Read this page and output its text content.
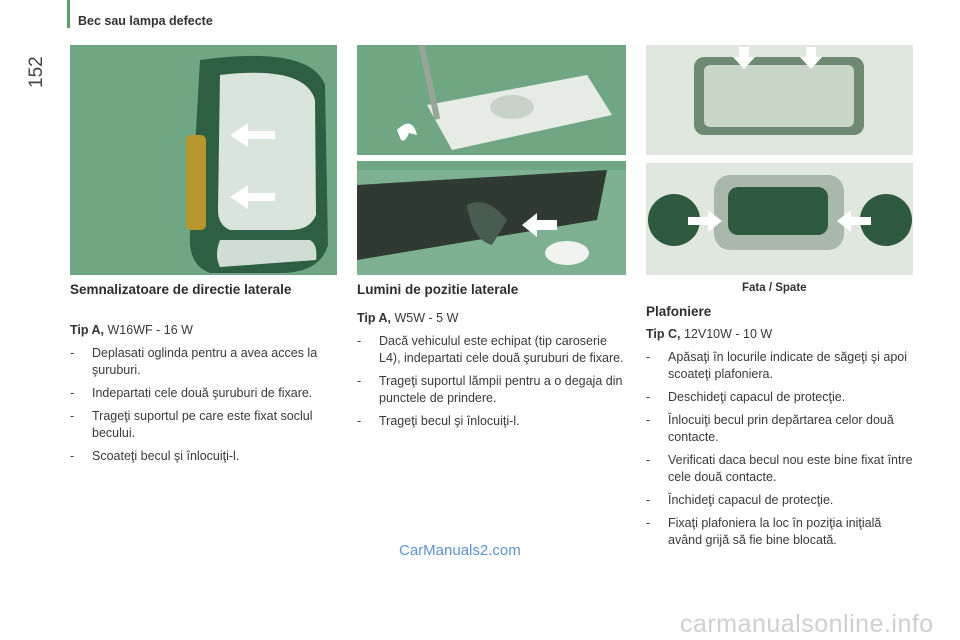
Bec sau lampa defecte
152
Fata / Spate
Semnalizatoare de directie laterale

Tip A, W16WF - 16 W

- Deplasati oglinda pentru a avea acces la şuruburi.
- Indepartati cele două şuruburi de fixare.
- Trageţi suportul pe care este fixat soclul becului.
- Scoateţi becul şi înlocuiţi-l.
Lumini de pozitie laterale

Tip A, W5W - 5 W

- Dacă vehiculul este echipat (tip caroserie L4), indepartati cele două şuruburi de fixare.
- Trageţi suportul lămpii pentru a o degaja din punctele de prindere.
- Trageţi becul şi înlocuiţi-l.
Plafoniere

Tip C, 12V10W - 10 W

- Apăsaţi în locurile indicate de săgeţi şi apoi scoateţi plafoniera.
- Deschideţi capacul de protecţie.
- Înlocuiţi becul prin depărtarea celor două contacte.
- Verificati daca becul nou este bine fixat între cele două contacte.
- Închideţi capacul de protecţie.
- Fixaţi plafoniera la loc în poziţia iniţială având grijă să fie bine blocată.
CarManuals2.com
carmanualsonline.info
